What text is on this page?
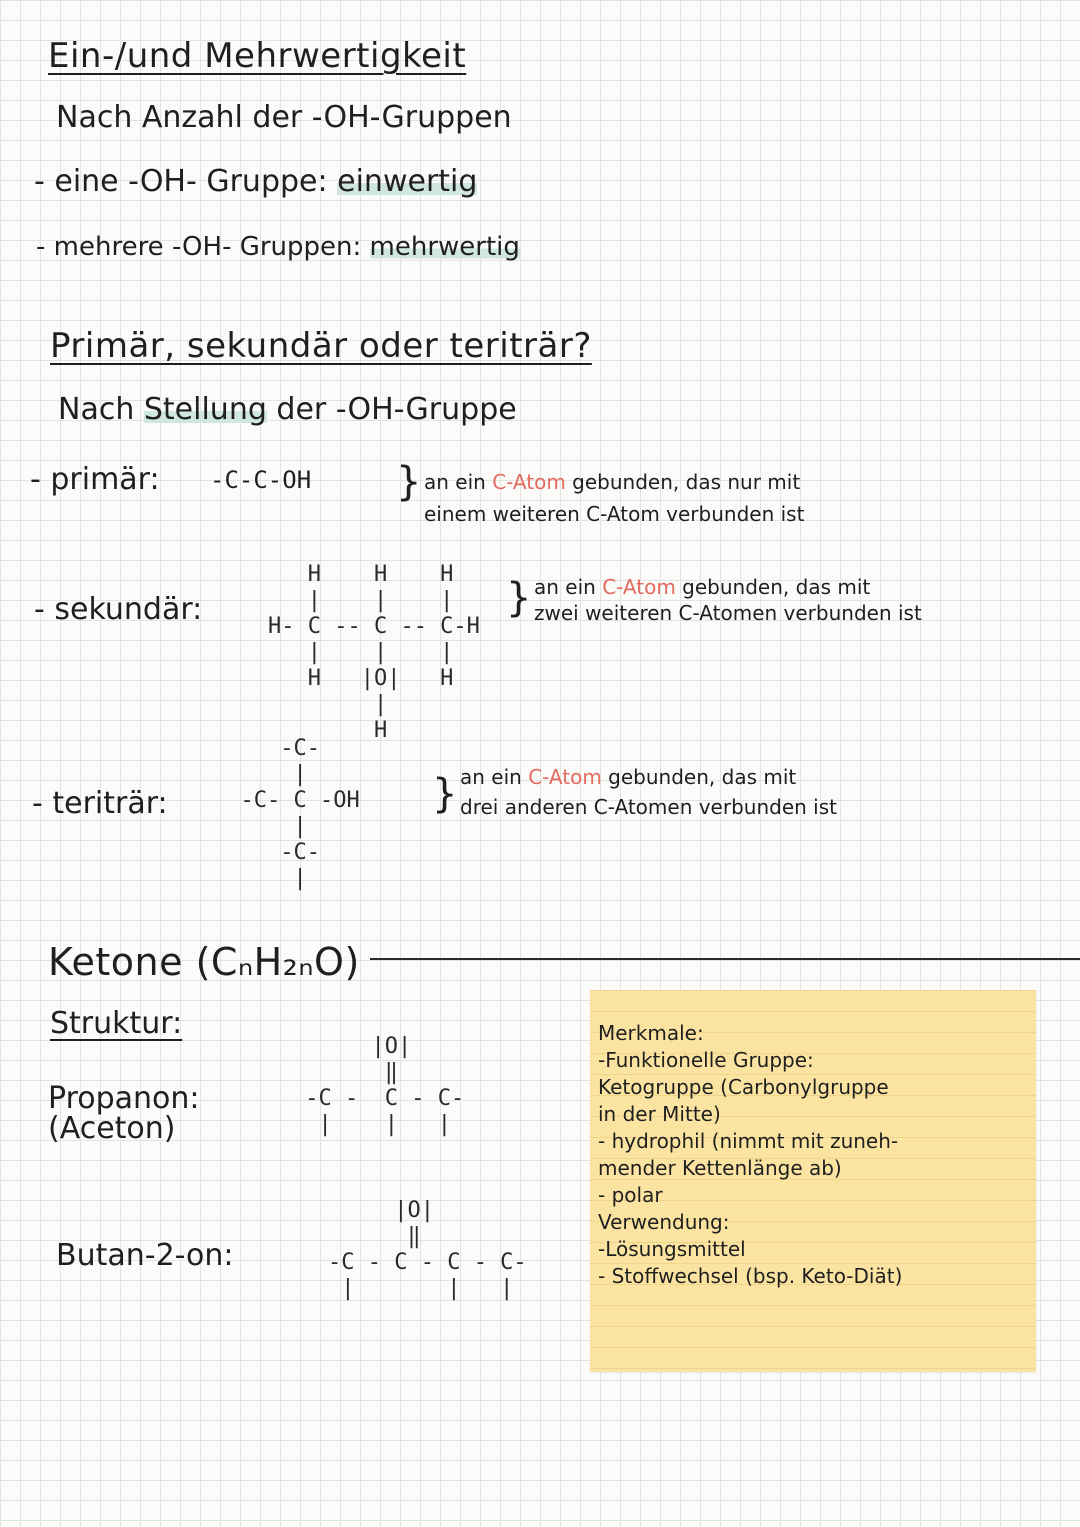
Ein-/und Mehrwertigkeit
Nach Anzahl der -OH-Gruppen
- eine -OH- Gruppe: einwertig
- mehrere -OH- Gruppen: mehrwertig
Primär, sekundär oder teriträr?
Nach Stellung der -OH-Gruppe
- primär: -C-C-OH } an ein C-Atom gebunden, das nur mit
einem weiteren C-Atom verbunden ist
- sekundär:
H    H    H
|    |    |
H- C -- C -- C-H
|    |    |
H   |O|   H
|
H
} an ein C-Atom gebunden, das mit
zwei weiteren C-Atomen verbunden ist
- teriträr:
-C-
|
-C- C -OH
|
-C-
|
} an ein C-Atom gebunden, das mit
drei anderen C-Atomen verbunden ist
Ketone (CₙH₂ₙO)
Struktur:
Propanon:
(Aceton)
|O|
‖
-C -  C - C-
|    |   |
Butan-2-on:
|O|
‖
-C - C - C - C-
|       |   |
Merkmale:
-Funktionelle Gruppe:
Ketogruppe (Carbonylgruppe
in der Mitte)
- hydrophil (nimmt mit zuneh-
mender Kettenlänge ab)
- polar
Verwendung:
-Lösungsmittel
- Stoffwechsel (bsp. Keto-Diät)
